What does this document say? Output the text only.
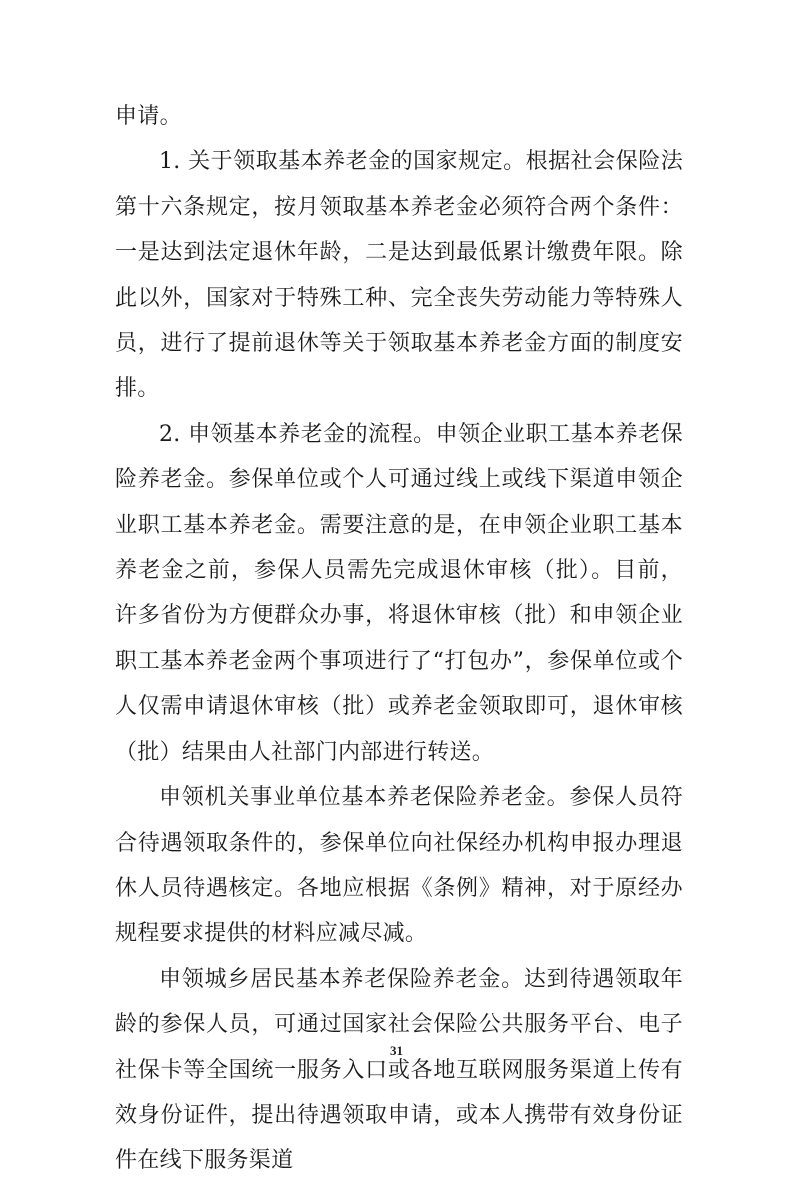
申请。

1. 关于领取基本养老金的国家规定。根据社会保险法第十六条规定，按月领取基本养老金必须符合两个条件：一是达到法定退休年龄，二是达到最低累计缴费年限。除此以外，国家对于特殊工种、完全丧失劳动能力等特殊人员，进行了提前退休等关于领取基本养老金方面的制度安排。

2. 申领基本养老金的流程。申领企业职工基本养老保险养老金。参保单位或个人可通过线上或线下渠道申领企业职工基本养老金。需要注意的是，在申领企业职工基本养老金之前，参保人员需先完成退休审核（批）。目前，许多省份为方便群众办事，将退休审核（批）和申领企业职工基本养老金两个事项进行了“打包办”，参保单位或个人仅需申请退休审核（批）或养老金领取即可，退休审核（批）结果由人社部门内部进行转送。

申领机关事业单位基本养老保险养老金。参保人员符合待遇领取条件的，参保单位向社保经办机构申报办理退休人员待遇核定。各地应根据《条例》精神，对于原经办规程要求提供的材料应减尽减。

申领城乡居民基本养老保险养老金。达到待遇领取年龄的参保人员，可通过国家社会保险公共服务平台、电子社保卡等全国统一服务入口或各地互联网服务渠道上传有效身份证件，提出待遇领取申请，或本人携带有效身份证件在线下服务渠道

31
